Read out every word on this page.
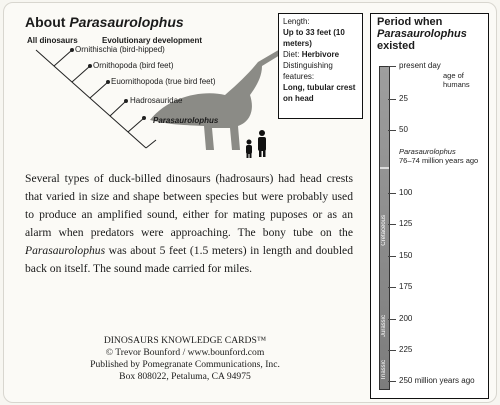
About Parasaurolophus
All dinosaurs	Evolutionary development
Ornithischia (bird-hipped)
Ornithopoda (bird feet)
Euornithopoda (true bird feet)
Hadrosauridae
Parasaurolophus
Length:
Up to 33 feet (10 meters)
Diet: Herbivore
Distinguishing features:
Long, tubular crest on head
Period when
Parasaurolophus
existed
Cretaceous
Jurassic
Triassic
present day
age of humans
25
50
100
125
150
175
200
225
250 million years ago
Parasaurolophus
76–74 million years ago
Several types of duck-billed dinosaurs (hadrosaurs) had head crests that varied in size and shape between species but were probably used to produce an amplified sound, either for mating puposes or as an alarm when predators were approaching. The bony tube on the Parasaurolophus was about 5 feet (1.5 meters) in length and doubled back on itself. The sound made carried for miles.
DINOSAURS KNOWLEDGE CARDS™
© Trevor Bounford / www.bounford.com
Published by Pomegranate Communications, Inc.
Box 808022, Petaluma, CA 94975
